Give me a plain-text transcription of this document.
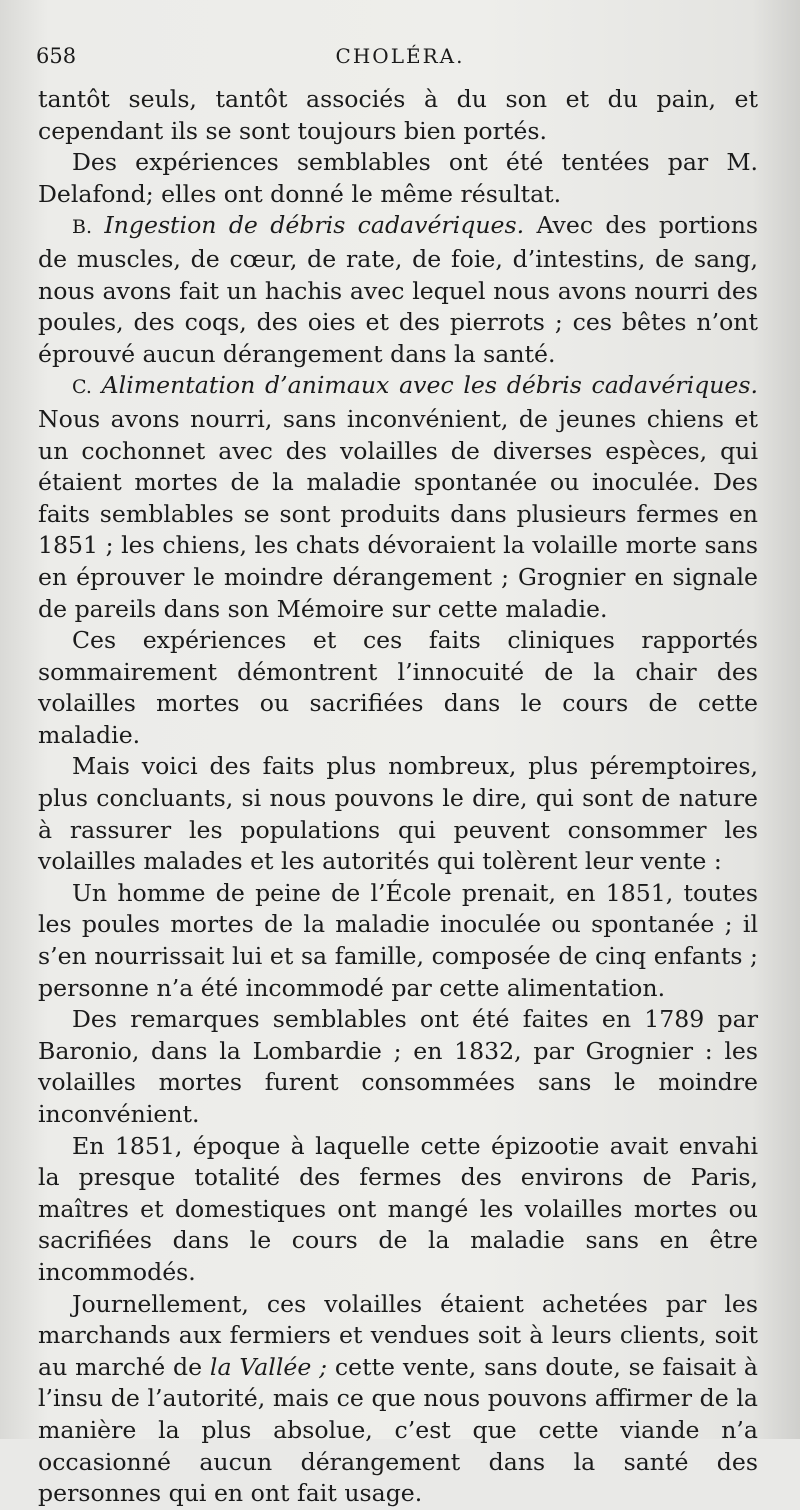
658	CHOLÉRA.

tantôt seuls, tantôt associés à du son et du pain, et cependant ils se sont toujours bien portés.

Des expériences semblables ont été tentées par M. Delafond; elles ont donné le même résultat.

B. Ingestion de débris cadavériques. Avec des portions de muscles, de cœur, de rate, de foie, d’intestins, de sang, nous avons fait un hachis avec lequel nous avons nourri des poules, des coqs, des oies et des pierrots ; ces bêtes n’ont éprouvé aucun dérangement dans la santé.

C. Alimentation d’animaux avec les débris cadavériques. Nous avons nourri, sans inconvénient, de jeunes chiens et un cochonnet avec des volailles de diverses espèces, qui étaient mortes de la maladie spontanée ou inoculée. Des faits semblables se sont produits dans plusieurs fermes en 1851 ; les chiens, les chats dévoraient la volaille morte sans en éprouver le moindre dérangement ; Grognier en signale de pareils dans son Mémoire sur cette maladie.

Ces expériences et ces faits cliniques rapportés sommairement démontrent l’innocuité de la chair des volailles mortes ou sacrifiées dans le cours de cette maladie.

Mais voici des faits plus nombreux, plus péremptoires, plus concluants, si nous pouvons le dire, qui sont de nature à rassurer les populations qui peuvent consommer les volailles malades et les autorités qui tolèrent leur vente :

Un homme de peine de l’École prenait, en 1851, toutes les poules mortes de la maladie inoculée ou spontanée ; il s’en nourrissait lui et sa famille, composée de cinq enfants ; personne n’a été incommodé par cette alimentation.

Des remarques semblables ont été faites en 1789 par Baronio, dans la Lombardie ; en 1832, par Grognier : les volailles mortes furent consommées sans le moindre inconvénient.

En 1851, époque à laquelle cette épizootie avait envahi la presque totalité des fermes des environs de Paris, maîtres et domestiques ont mangé les volailles mortes ou sacrifiées dans le cours de la maladie sans en être incommodés.

Journellement, ces volailles étaient achetées par les marchands aux fermiers et vendues soit à leurs clients, soit au marché de la Vallée ; cette vente, sans doute, se faisait à l’insu de l’autorité, mais ce que nous pouvons affirmer de la manière la plus absolue, c’est que cette viande n’a occasionné aucun dérangement dans la santé des personnes qui en ont fait usage.
